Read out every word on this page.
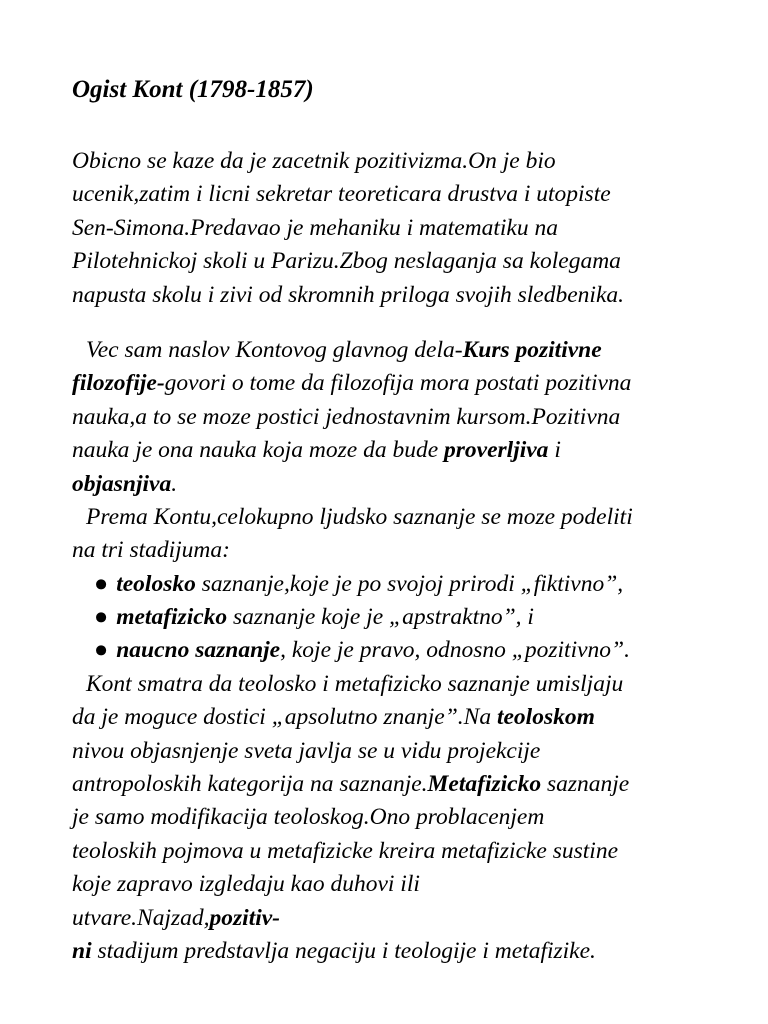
Ogist Kont (1798-1857)
Obicno se kaze da je zacetnik pozitivizma.On je bio
ucenik,zatim i licni sekretar teoreticara drustva i utopiste
Sen-Simona.Predavao je mehaniku i matematiku na
Pilotehnickoj skoli u Parizu.Zbog neslaganja sa kolegama
napusta skolu i zivi od skromnih priloga svojih sledbenika.
Vec sam naslov Kontovog glavnog dela-Kurs pozitivne
filozofije-govori o tome da filozofija mora postati pozitivna
nauka,a to se moze postici jednostavnim kursom.Pozitivna
nauka je ona nauka koja moze da bude proverljiva i
objasnjiva.
Prema Kontu,celokupno ljudsko saznanje se moze podeliti
na tri stadijuma:
● teolosko saznanje,koje je po svojoj prirodi „fiktivno”,
● metafizicko saznanje koje je „apstraktno”, i
● naucno saznanje, koje je pravo, odnosno „pozitivno”.
Kont smatra da teolosko i metafizicko saznanje umisljaju
da je moguce dostici „apsolutno znanje”.Na teoloskom
nivou objasnjenje sveta javlja se u vidu projekcije
antropoloskih kategorija na saznanje.Metafizicko saznanje
je samo modifikacija teoloskog.Ono problacenjem
teoloskih pojmova u metafizicke kreira metafizicke sustine
koje zapravo izgledaju kao duhovi ili
utvare.Najzad,pozitiv-
ni stadijum predstavlja negaciju i teologije i metafizike.
